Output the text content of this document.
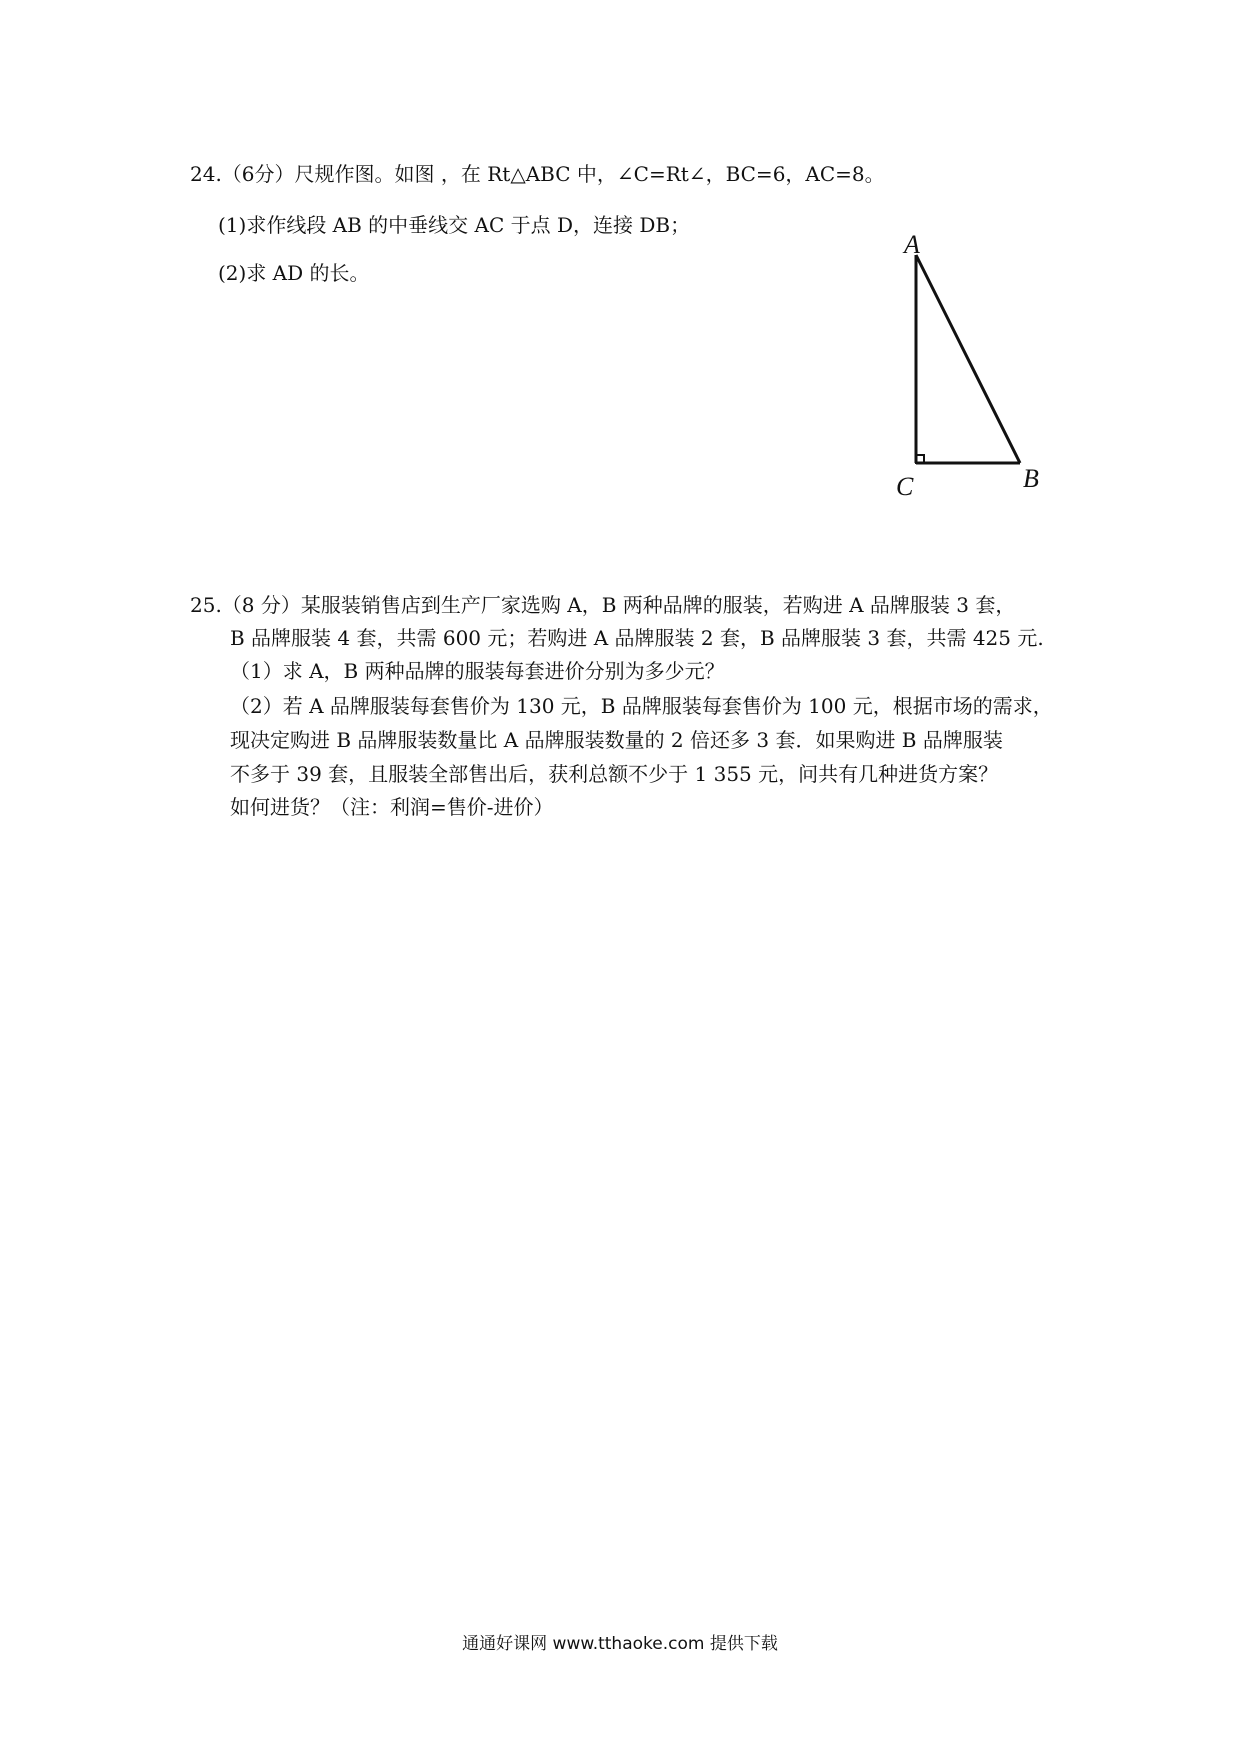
24.（6分）尺规作图。如图 ，在 Rt△ABC 中，∠C=Rt∠，BC=6，AC=8。
(1)求作线段 AB 的中垂线交 AC 于点 D，连接 DB；
(2)求 AD 的长。
A
C	B
25.（8 分）某服装销售店到生产厂家选购 A，B 两种品牌的服装，若购进 A 品牌服装 3 套，
B 品牌服装 4 套，共需 600 元；若购进 A 品牌服装 2 套，B 品牌服装 3 套，共需 425 元.
（1）求 A，B 两种品牌的服装每套进价分别为多少元？
（2）若 A 品牌服装每套售价为 130 元，B 品牌服装每套售价为 100 元，根据市场的需求，
现决定购进 B 品牌服装数量比 A 品牌服装数量的 2 倍还多 3 套．如果购进 B 品牌服装
不多于 39 套，且服装全部售出后，获利总额不少于 1 355 元，问共有几种进货方案？
如何进货？（注：利润=售价-进价）
通通好课网 www.tthaoke.com 提供下载
